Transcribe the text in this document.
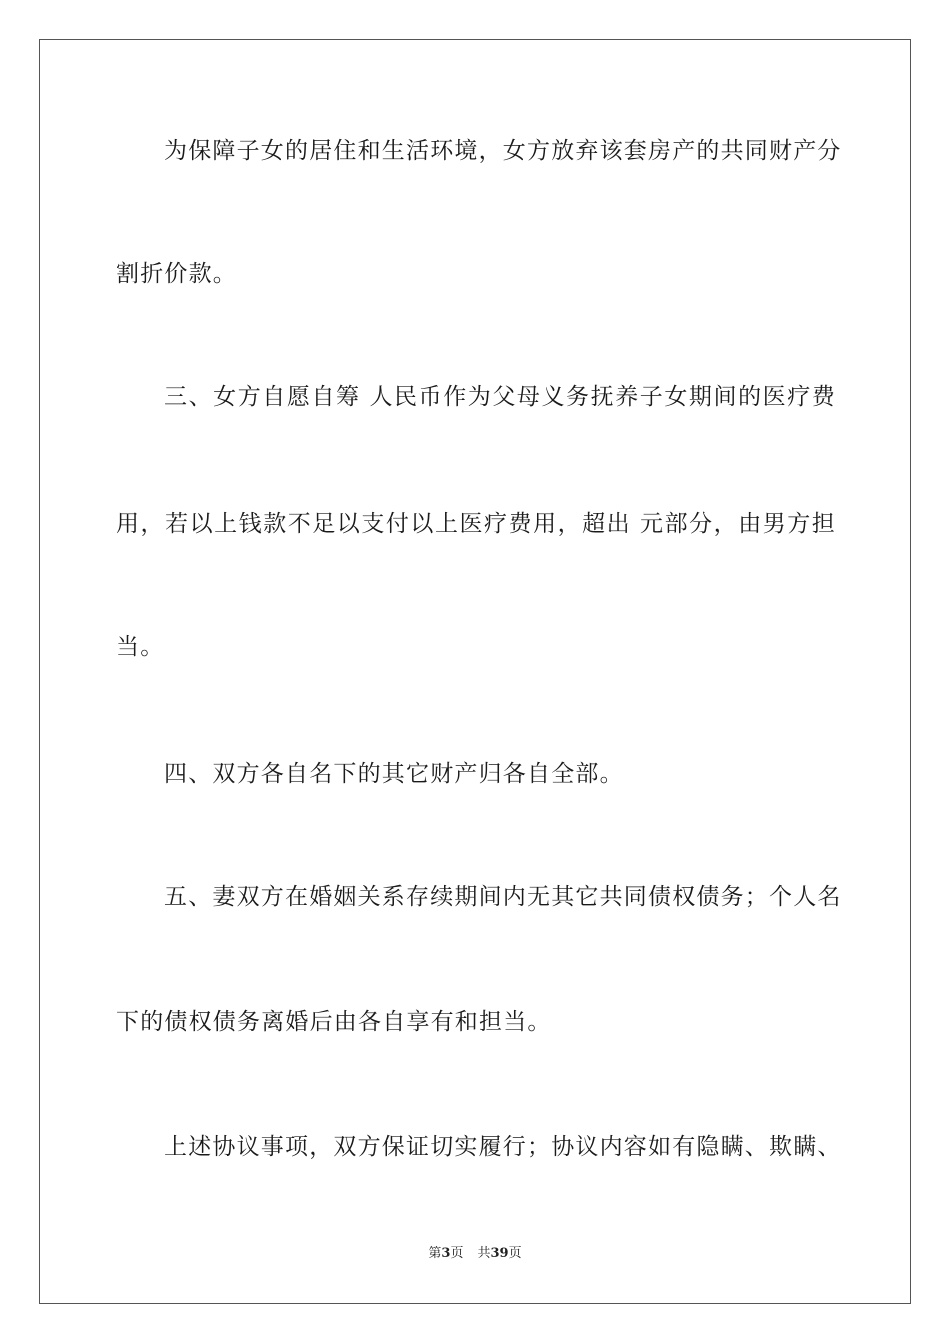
为保障子女的居住和生活环境，女方放弃该套房产的共同财产分
割折价款。
三、女方自愿自筹 人民币作为父母义务抚养子女期间的医疗费
用，若以上钱款不足以支付以上医疗费用，超出 元部分，由男方担
当。
四、双方各自名下的其它财产归各自全部。
五、妻双方在婚姻关系存续期间内无其它共同债权债务；个人名
下的债权债务离婚后由各自享有和担当。
上述协议事项，双方保证切实履行；协议内容如有隐瞒、欺瞒、
第3页 共39页
